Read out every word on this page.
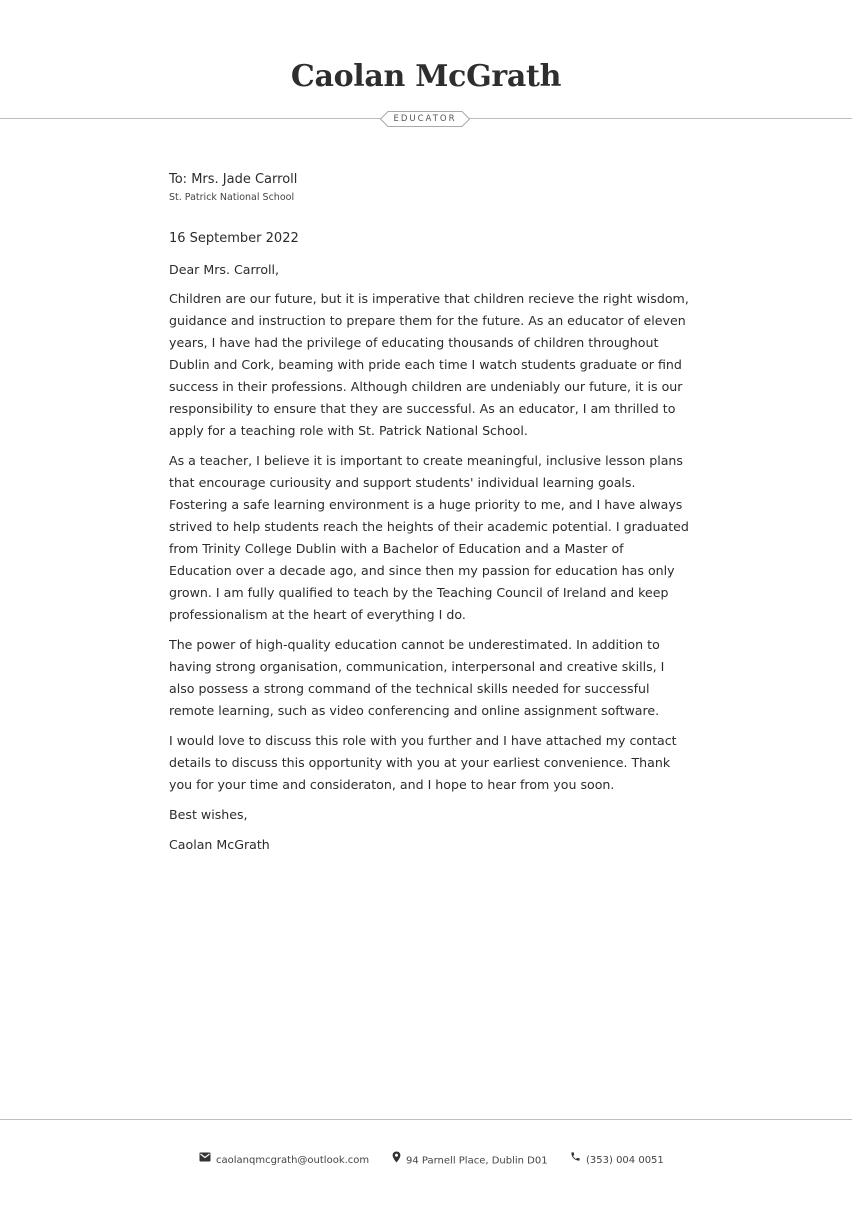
Caolan McGrath
EDUCATOR
To: Mrs. Jade Carroll
St. Patrick National School
16 September 2022
Dear Mrs. Carroll,
Children are our future, but it is imperative that children recieve the right wisdom, guidance and instruction to prepare them for the future. As an educator of eleven years, I have had the privilege of educating thousands of children throughout Dublin and Cork, beaming with pride each time I watch students graduate or find success in their professions. Although children are undeniably our future, it is our responsibility to ensure that they are successful. As an educator, I am thrilled to apply for a teaching role with St. Patrick National School.
As a teacher, I believe it is important to create meaningful, inclusive lesson plans that encourage curiousity and support students' individual learning goals. Fostering a safe learning environment is a huge priority to me, and I have always strived to help students reach the heights of their academic potential. I graduated from Trinity College Dublin with a Bachelor of Education and a Master of Education over a decade ago, and since then my passion for education has only grown. I am fully qualified to teach by the Teaching Council of Ireland and keep professionalism at the heart of everything I do.
The power of high-quality education cannot be underestimated. In addition to having strong organisation, communication, interpersonal and creative skills, I also possess a strong command of the technical skills needed for successful remote learning, such as video conferencing and online assignment software.
I would love to discuss this role with you further and I have attached my contact details to discuss this opportunity with you at your earliest convenience. Thank you for your time and consideraton, and I hope to hear from you soon.
Best wishes,
Caolan McGrath
caolanqmcgrath@outlook.com	94 Parnell Place, Dublin D01	(353) 004 0051
